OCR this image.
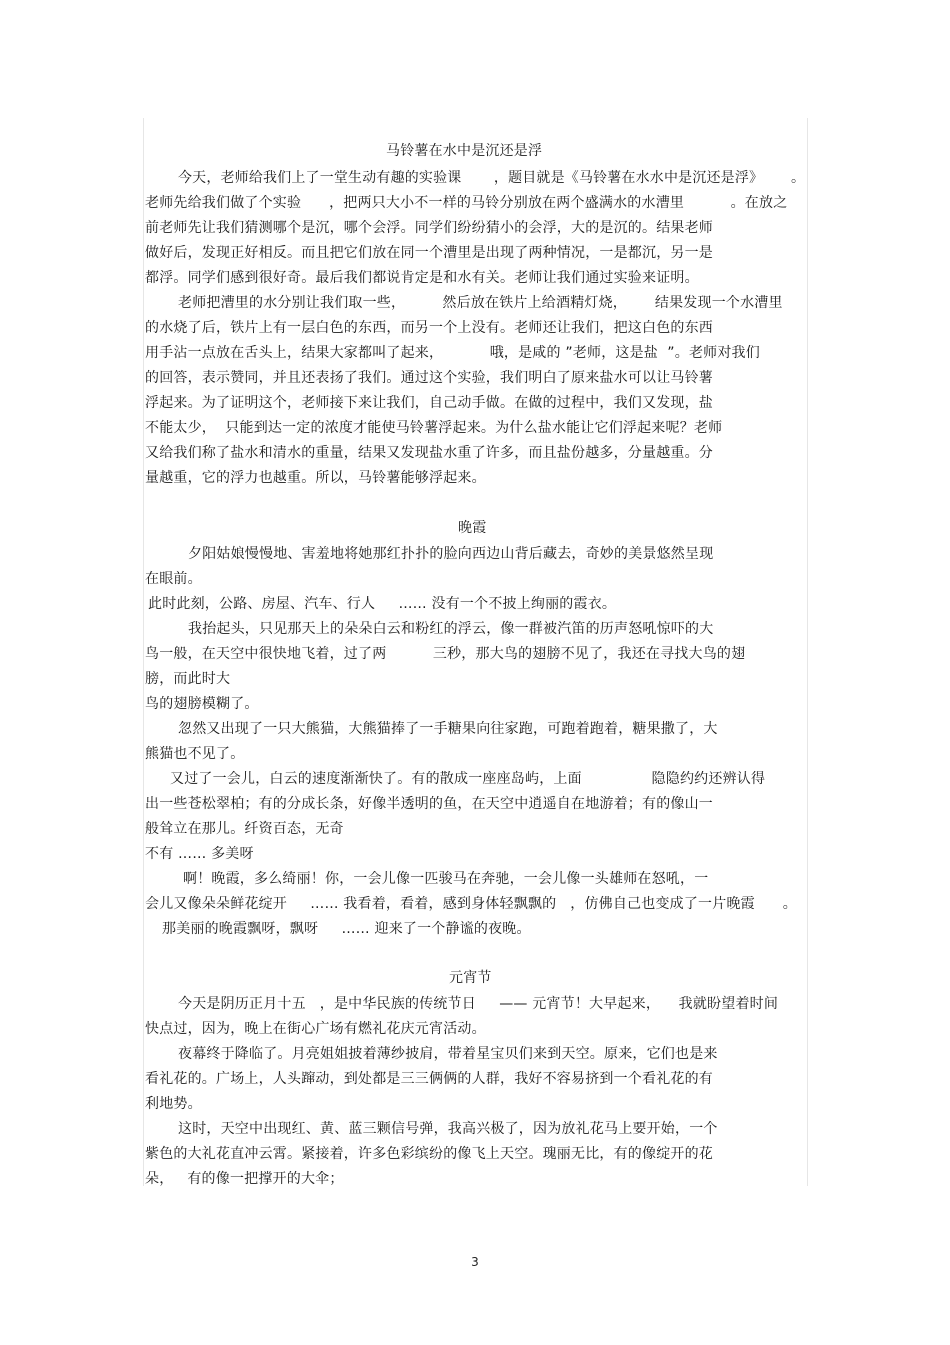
马铃薯在水中是沉还是浮
今天，老师给我们上了一堂生动有趣的实验课       ，题目就是《马铃薯在水水中是沉还是浮》      。
老师先给我们做了个实验      ，把两只大小不一样的马铃分别放在两个盛满水的水漕里          。在放之
前老师先让我们猜测哪个是沉，哪个会浮。同学们纷纷猜小的会浮，大的是沉的。结果老师
做好后，发现正好相反。而且把它们放在同一个漕里是出现了两种情况，一是都沉，另一是
都浮。同学们感到很好奇。最后我们都说肯定是和水有关。老师让我们通过实验来证明。
老师把漕里的水分别让我们取一些，        然后放在铁片上给酒精灯烧，      结果发现一个水漕里
的水烧了后，铁片上有一层白色的东西，而另一个上没有。老师还让我们，把这白色的东西
用手沾一点放在舌头上，结果大家都叫了起来，          哦，是咸的 ”老师，这是盐  ”。老师对我们
的回答，表示赞同，并且还表扬了我们。通过这个实验，我们明白了原来盐水可以让马铃薯
浮起来。为了证明这个，老师接下来让我们，自己动手做。在做的过程中，我们又发现，盐
不能太少，  只能到达一定的浓度才能使马铃薯浮起来。为什么盐水能让它们浮起来呢？老师
又给我们称了盐水和清水的重量，结果又发现盐水重了许多，而且盐份越多，分量越重。分
量越重，它的浮力也越重。所以，马铃薯能够浮起来。
晚霞
夕阳姑娘慢慢地、害羞地将她那红扑扑的脸向西边山背后藏去，奇妙的美景悠然呈现
在眼前。
此时此刻，公路、房屋、汽车、行人     …… 没有一个不披上绚丽的霞衣。
我抬起头，只见那天上的朵朵白云和粉红的浮云，像一群被汽笛的历声怒吼惊吓的大
鸟一般，在天空中很快地飞着，过了两          三秒，那大鸟的翅膀不见了，我还在寻找大鸟的翅
膀，而此时大
鸟的翅膀模糊了。
忽然又出现了一只大熊猫，大熊猫捧了一手糖果向往家跑，可跑着跑着，糖果撒了，大
熊猫也不见了。
又过了一会儿，白云的速度渐渐快了。有的散成一座座岛屿，上面               隐隐约约还辨认得
出一些苍松翠柏；有的分成长条，好像半透明的鱼，在天空中逍遥自在地游着；有的像山一
般耸立在那儿。纤资百态，无奇
不有 …… 多美呀
啊！晚霞，多么绮丽！你，一会儿像一匹骏马在奔驰，一会儿像一头雄师在怒吼，一
会儿又像朵朵鲜花绽开     …… 我看着，看着，感到身体轻飘飘的   ，仿佛自己也变成了一片晚霞      。
那美丽的晚霞飘呀，飘呀     …… 迎来了一个静谧的夜晚。
元宵节
今天是阴历正月十五   ，是中华民族的传统节日     —— 元宵节！大早起来，    我就盼望着时间
快点过，因为，晚上在街心广场有燃礼花庆元宵活动。
夜幕终于降临了。月亮姐姐披着薄纱披肩，带着星宝贝们来到天空。原来，它们也是来
看礼花的。广场上，人头蹿动，到处都是三三俩俩的人群，我好不容易挤到一个看礼花的有
利地势。
这时，天空中出现红、黄、蓝三颗信号弹，我高兴极了，因为放礼花马上要开始，一个
紫色的大礼花直冲云霄。紧接着，许多色彩缤纷的像飞上天空。瑰丽无比，有的像绽开的花
朵，   有的像一把撑开的大伞；
3
